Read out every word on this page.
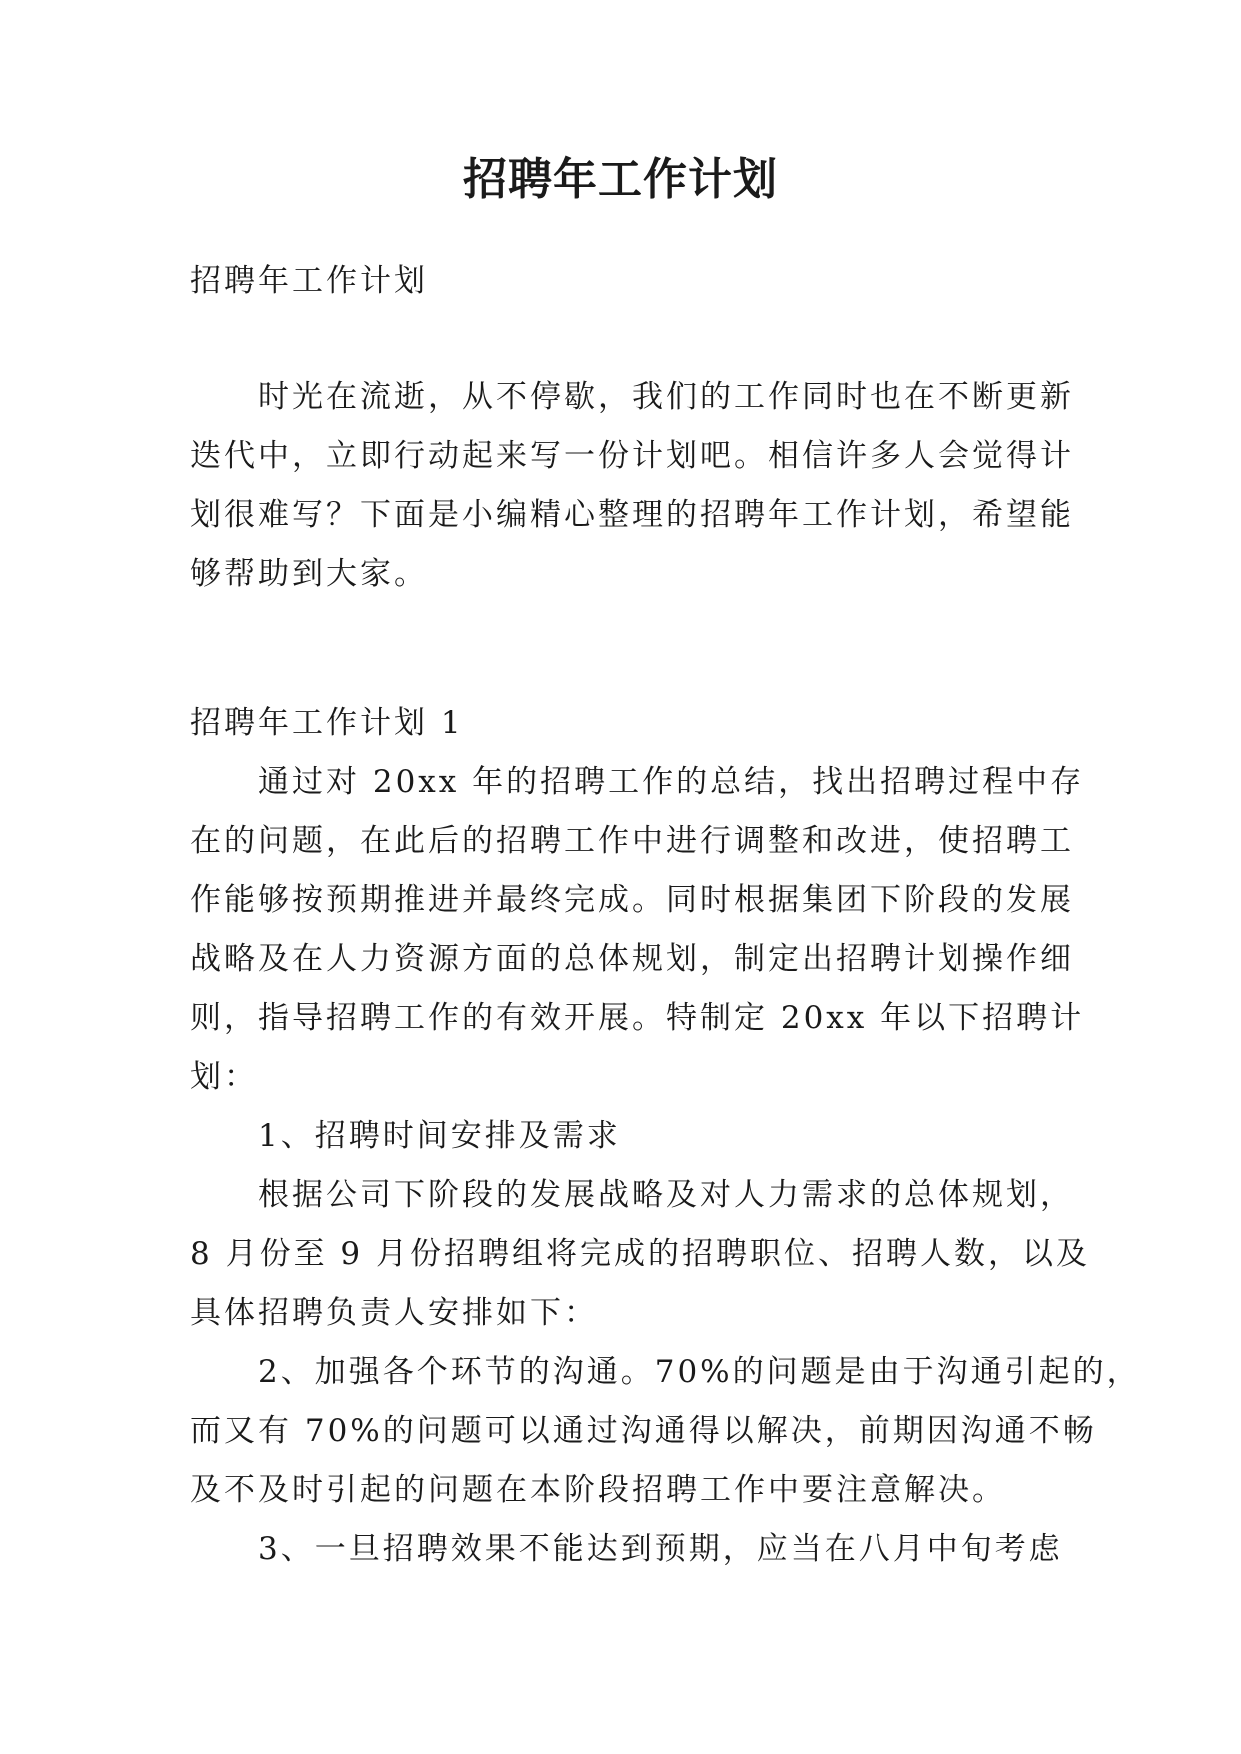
招聘年工作计划
招聘年工作计划
时光在流逝，从不停歇，我们的工作同时也在不断更新
迭代中，立即行动起来写一份计划吧。相信许多人会觉得计
划很难写？下面是小编精心整理的招聘年工作计划，希望能
够帮助到大家。
招聘年工作计划 1
通过对 20xx 年的招聘工作的总结，找出招聘过程中存
在的问题，在此后的招聘工作中进行调整和改进，使招聘工
作能够按预期推进并最终完成。同时根据集团下阶段的发展
战略及在人力资源方面的总体规划，制定出招聘计划操作细
则，指导招聘工作的有效开展。特制定 20xx 年以下招聘计
划：
1、招聘时间安排及需求
根据公司下阶段的发展战略及对人力需求的总体规划，
8 月份至 9 月份招聘组将完成的招聘职位、招聘人数，以及
具体招聘负责人安排如下：
2、加强各个环节的沟通。70%的问题是由于沟通引起的，
而又有 70%的问题可以通过沟通得以解决，前期因沟通不畅
及不及时引起的问题在本阶段招聘工作中要注意解决。
3、一旦招聘效果不能达到预期，应当在八月中旬考虑
